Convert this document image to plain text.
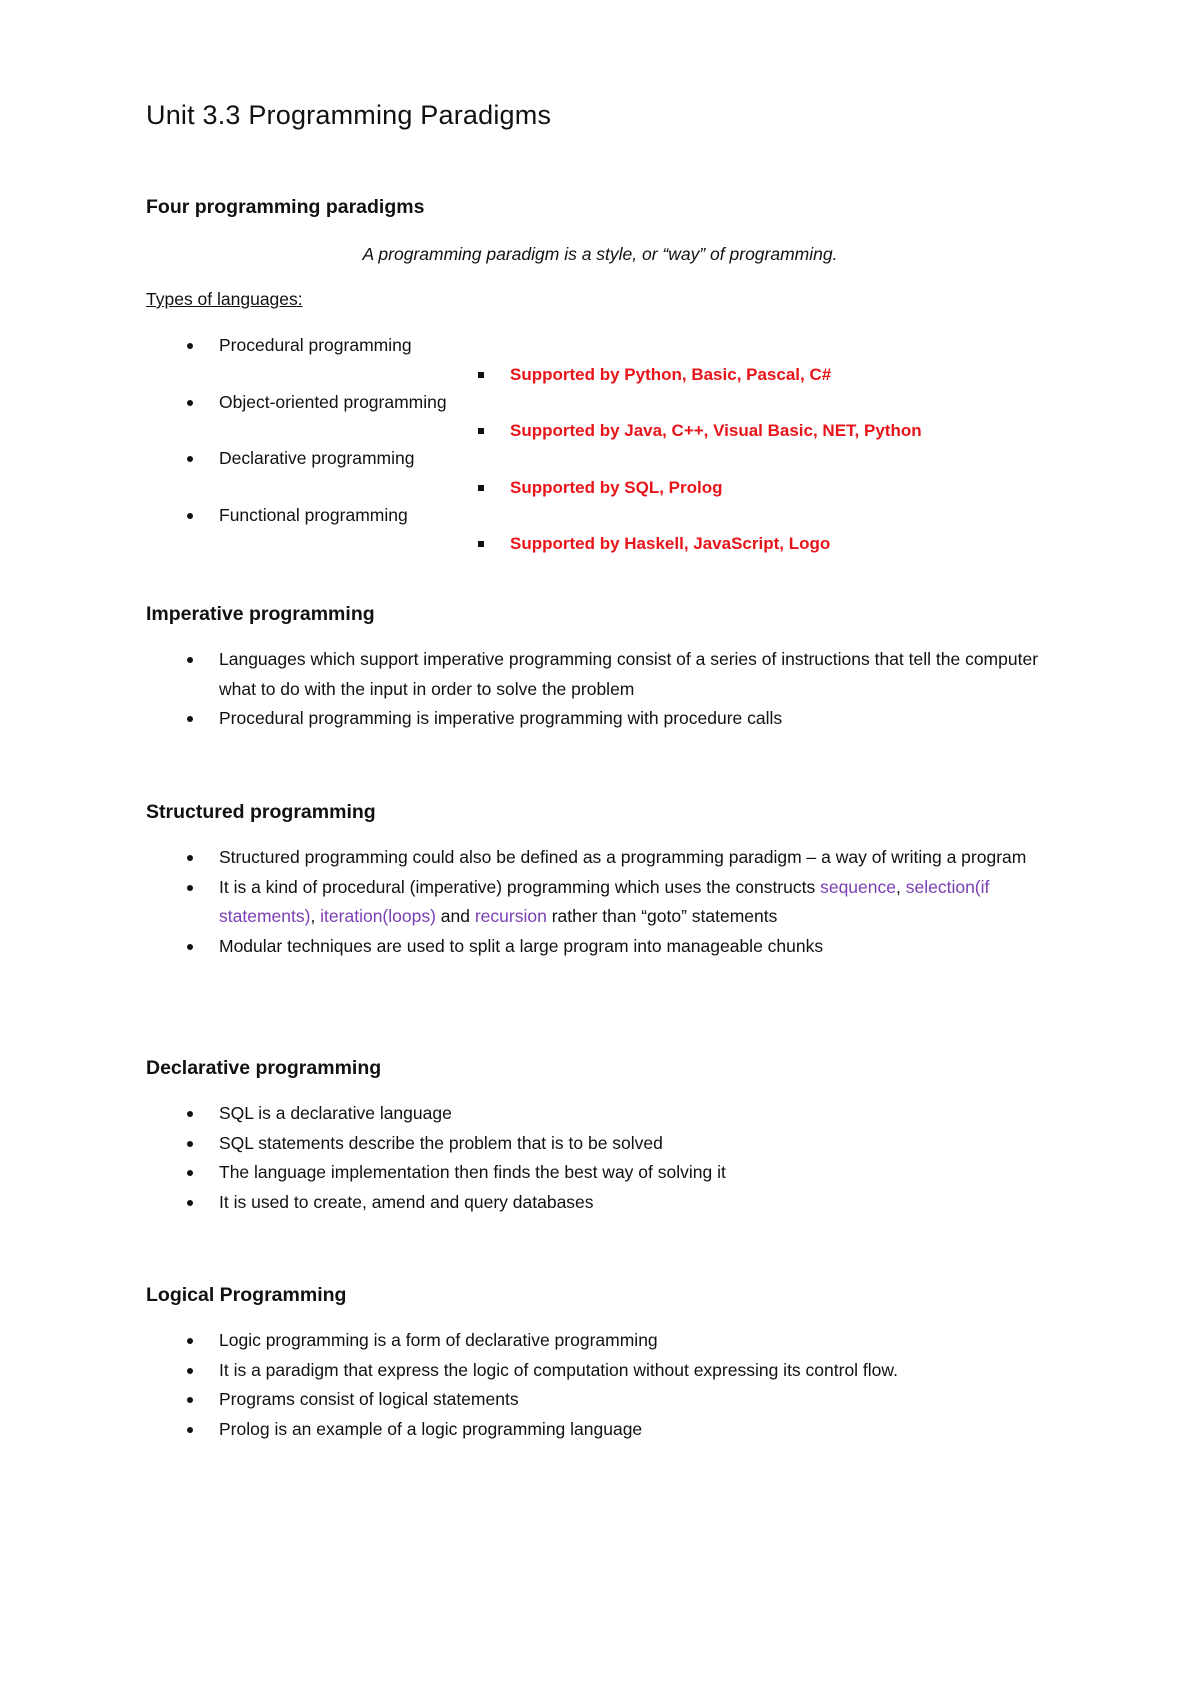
Unit 3.3 Programming Paradigms
Four programming paradigms

A programming paradigm is a style, or “way” of programming.

Types of languages:

Procedural programming
Supported by Python, Basic, Pascal, C#
Object-oriented programming
Supported by Java, C++, Visual Basic, NET, Python
Declarative programming
Supported by SQL, Prolog
Functional programming
Supported by Haskell, JavaScript, Logo
Imperative programming
Languages which support imperative programming consist of a series of instructions that tell the computer what to do with the input in order to solve the problem
Procedural programming is imperative programming with procedure calls
Structured programming
Structured programming could also be defined as a programming paradigm – a way of writing a program
It is a kind of procedural (imperative) programming which uses the constructs sequence, selection(if statements), iteration(loops) and recursion rather than “goto” statements
Modular techniques are used to split a large program into manageable chunks
Declarative programming
SQL is a declarative language
SQL statements describe the problem that is to be solved
The language implementation then finds the best way of solving it
It is used to create, amend and query databases
Logical Programming
Logic programming is a form of declarative programming
It is a paradigm that express the logic of computation without expressing its control flow.
Programs consist of logical statements
Prolog is an example of a logic programming language
